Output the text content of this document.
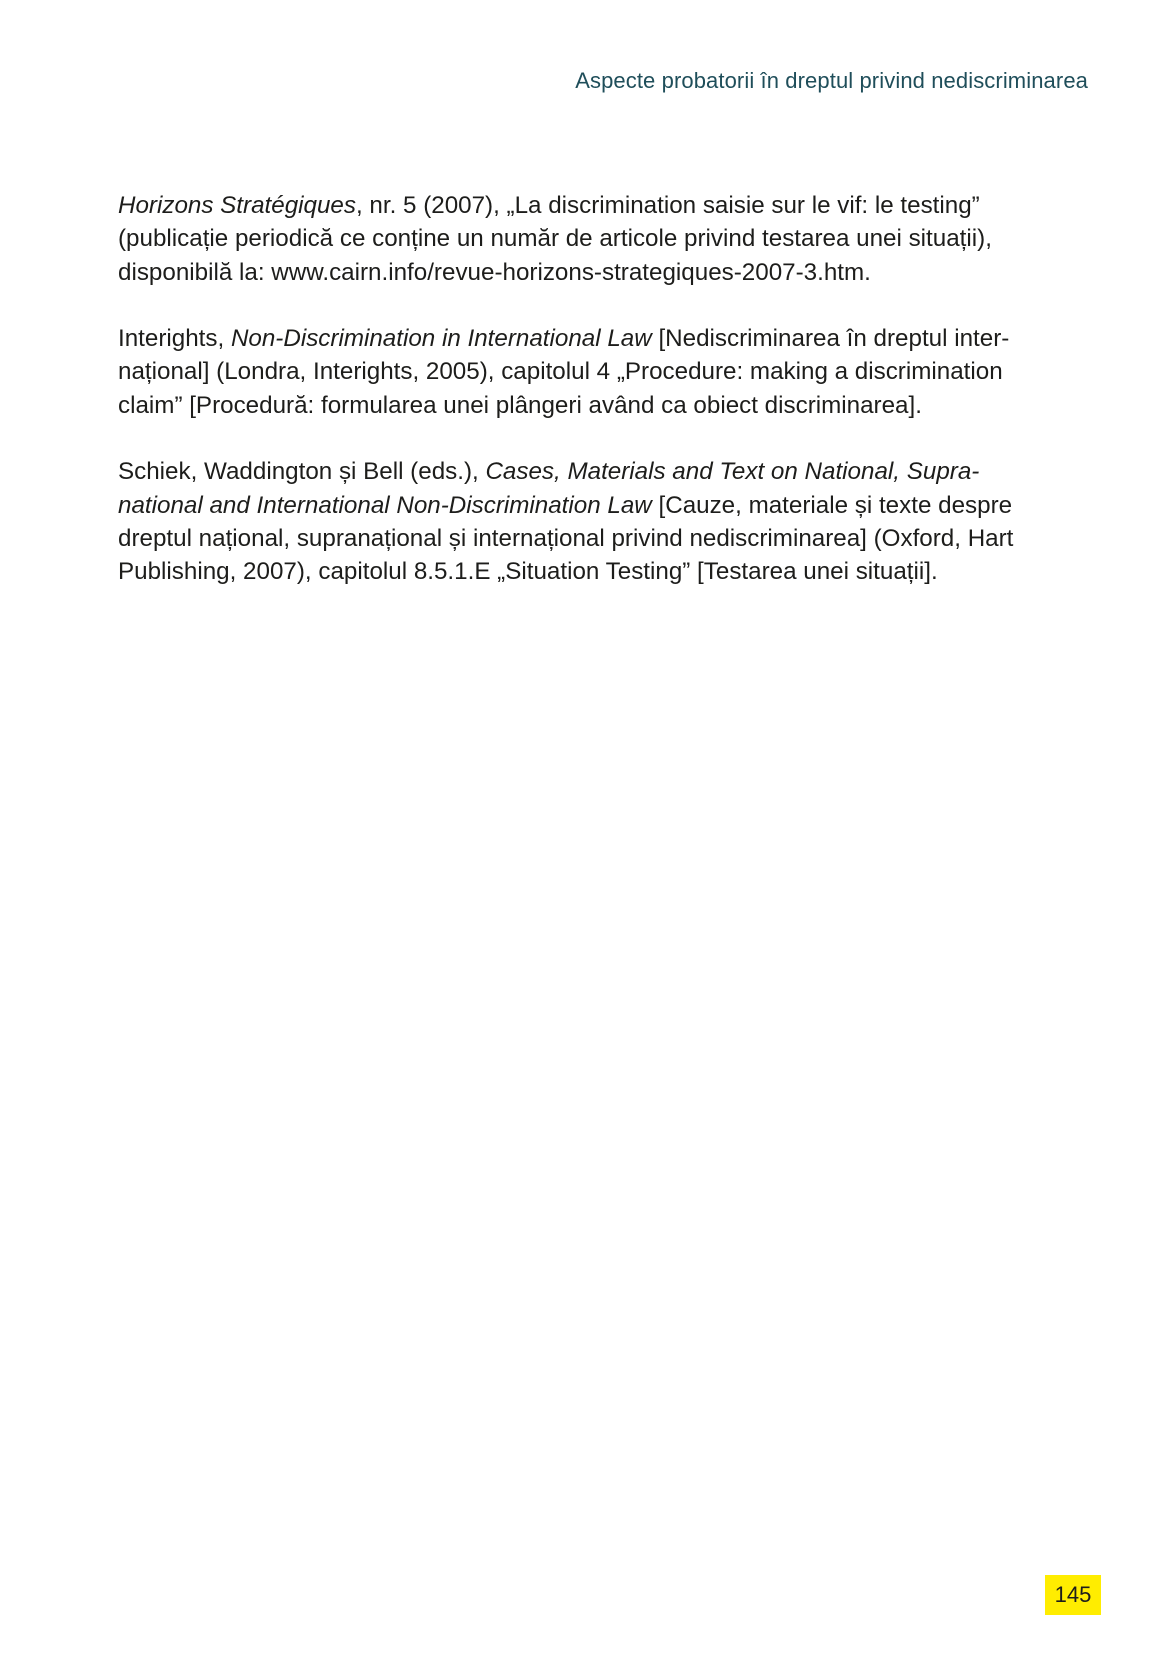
Aspecte probatorii în dreptul privind nediscriminarea

Horizons Stratégiques, nr. 5 (2007), „La discrimination saisie sur le vif: le testing”
(publicație periodică ce conține un număr de articole privind testarea unei situații),
disponibilă la: www.cairn.info/revue-horizons-strategiques-2007-3.htm.

Interights, Non-Discrimination in International Law [Nediscriminarea în dreptul inter-
național] (Londra, Interights, 2005), capitolul 4 „Procedure: making a discrimination
claim” [Procedură: formularea unei plângeri având ca obiect discriminarea].

Schiek, Waddington și Bell (eds.), Cases, Materials and Text on National, Supra-
national and International Non-Discrimination Law [Cauze, materiale și texte despre
dreptul național, supranațional și internațional privind nediscriminarea] (Oxford, Hart
Publishing, 2007), capitolul 8.5.1.E „Situation Testing” [Testarea unei situații].

145
